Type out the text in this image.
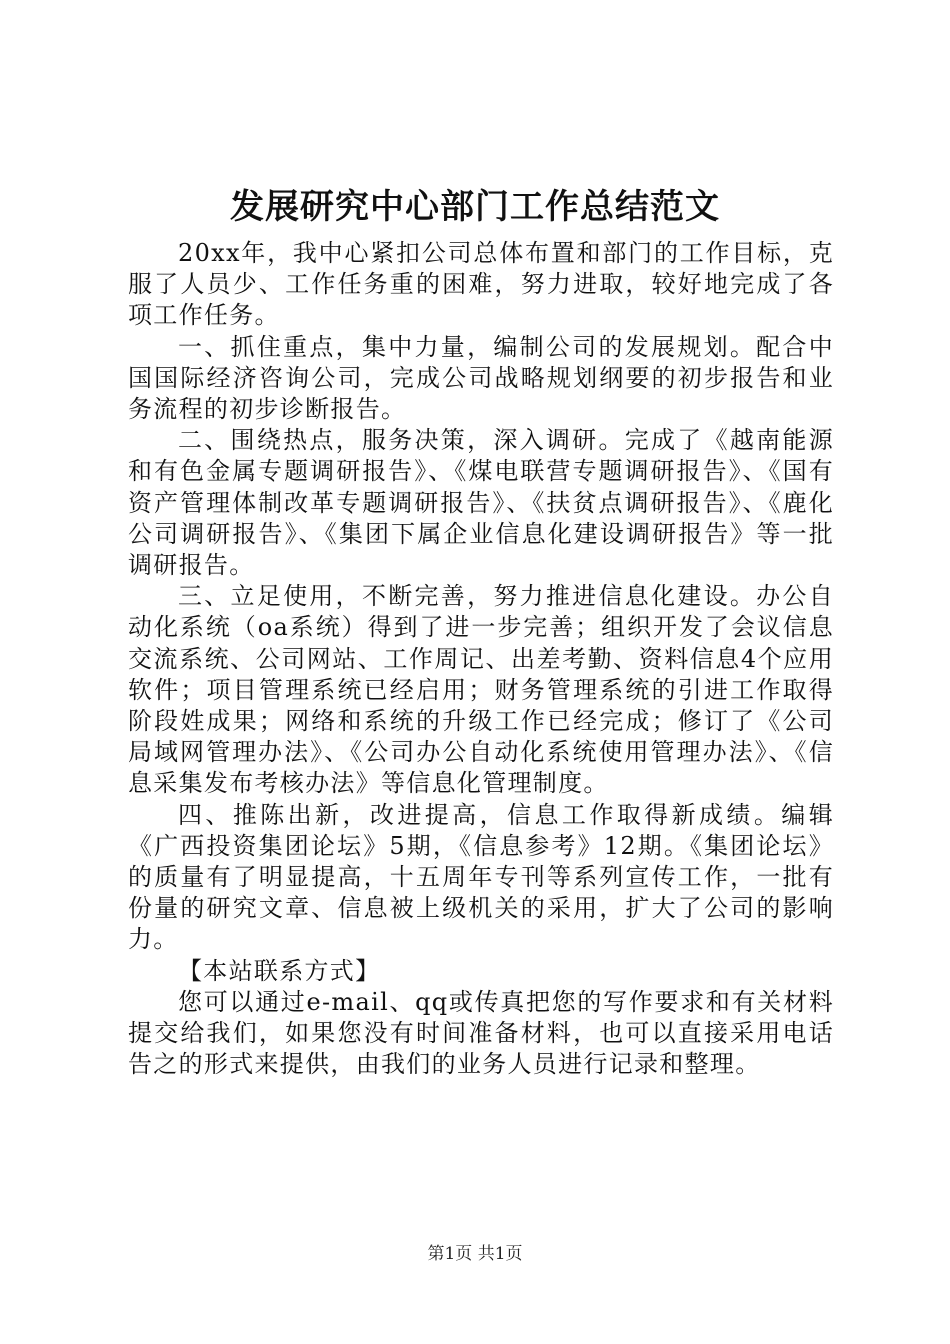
发展研究中心部门工作总结范文

20xx年，我中心紧扣公司总体布置和部门的工作目标，克服了人员少、工作任务重的困难，努力进取，较好地完成了各项工作任务。

一、抓住重点，集中力量，编制公司的发展规划。配合中国国际经济咨询公司，完成公司战略规划纲要的初步报告和业务流程的初步诊断报告。

二、围绕热点，服务决策，深入调研。完成了《越南能源和有色金属专题调研报告》、《煤电联营专题调研报告》、《国有资产管理体制改革专题调研报告》、《扶贫点调研报告》、《鹿化公司调研报告》、《集团下属企业信息化建设调研报告》等一批调研报告。

三、立足使用，不断完善，努力推进信息化建设。办公自动化系统（oa系统）得到了进一步完善；组织开发了会议信息交流系统、公司网站、工作周记、出差考勤、资料信息4个应用软件；项目管理系统已经启用；财务管理系统的引进工作取得阶段姓成果；网络和系统的升级工作已经完成；修订了《公司局域网管理办法》、《公司办公自动化系统使用管理办法》、《信息采集发布考核办法》等信息化管理制度。

四、推陈出新，改进提高，信息工作取得新成绩。编辑《广西投资集团论坛》5期，《信息参考》12期。《集团论坛》的质量有了明显提高，十五周年专刊等系列宣传工作，一批有份量的研究文章、信息被上级机关的采用，扩大了公司的影响力。

【本站联系方式】

您可以通过e-mail、qq或传真把您的写作要求和有关材料提交给我们，如果您没有时间准备材料，也可以直接采用电话告之的形式来提供，由我们的业务人员进行记录和整理。

第1页 共1页
